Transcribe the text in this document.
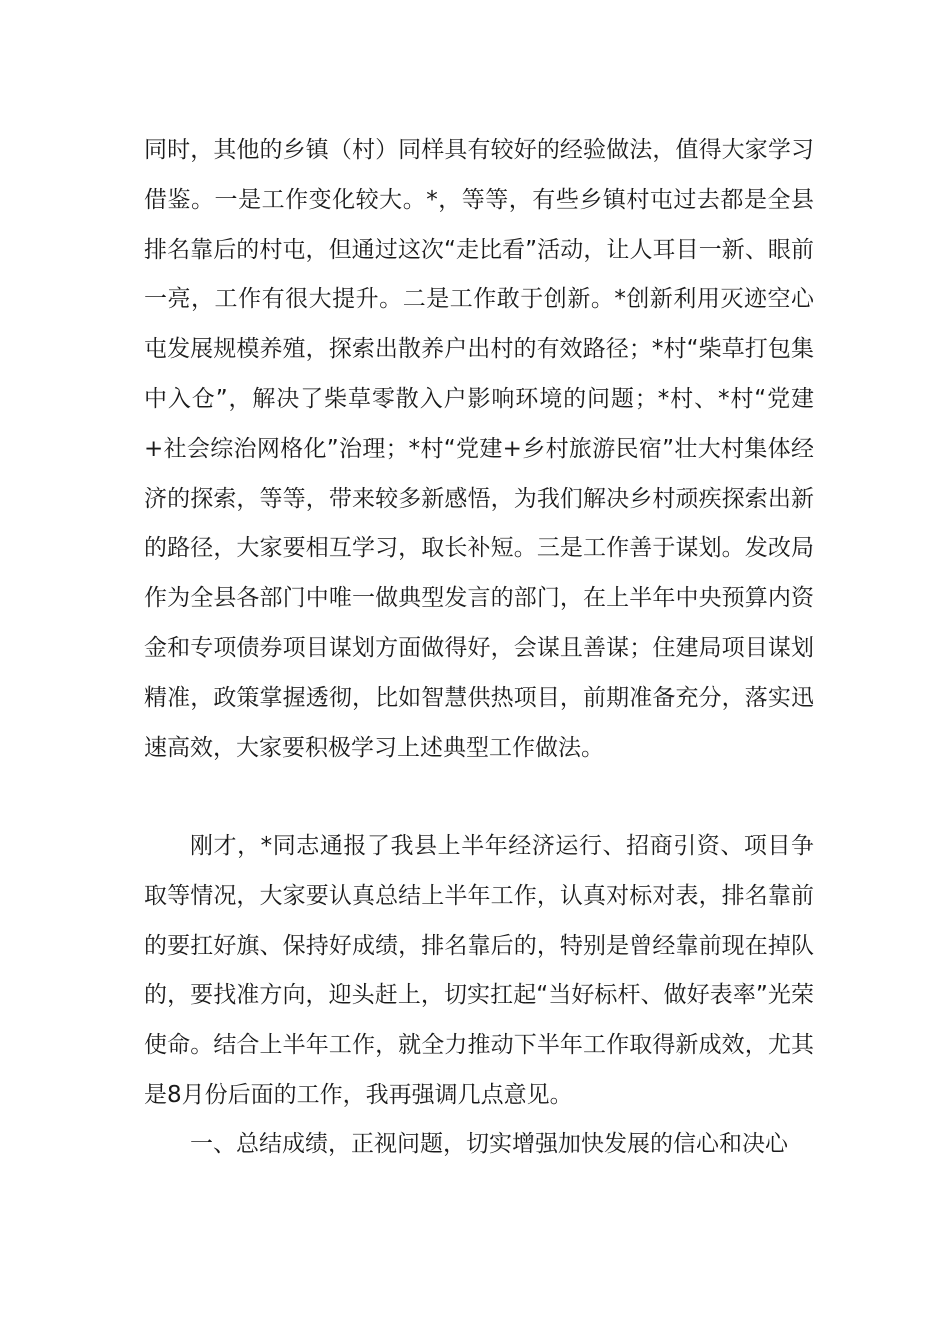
同时，其他的乡镇（村）同样具有较好的经验做法，值得大家学习借鉴。一是工作变化较大。*，等等，有些乡镇村屯过去都是全县排名靠后的村屯，但通过这次“走比看”活动，让人耳目一新、眼前一亮，工作有很大提升。二是工作敢于创新。*创新利用灭迹空心屯发展规模养殖，探索出散养户出村的有效路径；*村“柴草打包集中入仓”，解决了柴草零散入户影响环境的问题；*村、*村“党建+社会综治网格化”治理；*村“党建+乡村旅游民宿”壮大村集体经济的探索，等等，带来较多新感悟，为我们解决乡村顽疾探索出新的路径，大家要相互学习，取长补短。三是工作善于谋划。发改局作为全县各部门中唯一做典型发言的部门，在上半年中央预算内资金和专项债券项目谋划方面做得好，会谋且善谋；住建局项目谋划精准，政策掌握透彻，比如智慧供热项目，前期准备充分，落实迅速高效，大家要积极学习上述典型工作做法。

刚才，*同志通报了我县上半年经济运行、招商引资、项目争取等情况，大家要认真总结上半年工作，认真对标对表，排名靠前的要扛好旗、保持好成绩，排名靠后的，特别是曾经靠前现在掉队的，要找准方向，迎头赶上，切实扛起“当好标杆、做好表率”光荣使命。结合上半年工作，就全力推动下半年工作取得新成效，尤其是8月份后面的工作，我再强调几点意见。

一、总结成绩，正视问题，切实增强加快发展的信心和决心
